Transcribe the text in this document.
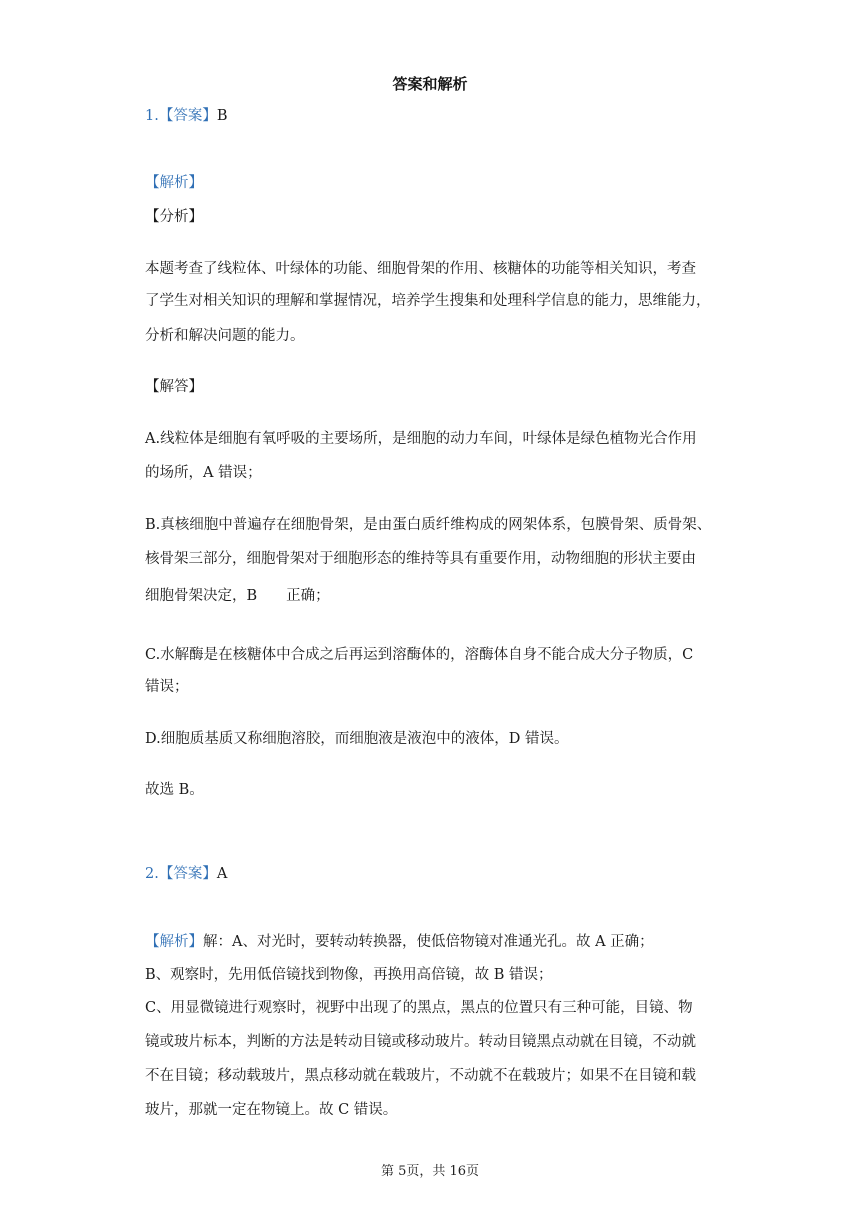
答案和解析
1.【答案】B
【解析】
【分析】
本题考查了线粒体、叶绿体的功能、细胞骨架的作用、核糖体的功能等相关知识，考查
了学生对相关知识的理解和掌握情况，培养学生搜集和处理科学信息的能力，思维能力，
分析和解决问题的能力。
【解答】
A.线粒体是细胞有氧呼吸的主要场所，是细胞的动力车间，叶绿体是绿色植物光合作用
的场所，A 错误；
B.真核细胞中普遍存在细胞骨架，是由蛋白质纤维构成的网架体系，包膜骨架、质骨架、
核骨架三部分，细胞骨架对于细胞形态的维持等具有重要作用，动物细胞的形状主要由
细胞骨架决定，B　　正确；
C.水解酶是在核糖体中合成之后再运到溶酶体的，溶酶体自身不能合成大分子物质，C
错误；
D.细胞质基质又称细胞溶胶，而细胞液是液泡中的液体，D 错误。
故选 B。
2.【答案】A
【解析】解：A、对光时，要转动转换器，使低倍物镜对准通光孔。故 A 正确；
B、观察时，先用低倍镜找到物像，再换用高倍镜，故 B 错误；
C、用显微镜进行观察时，视野中出现了的黑点，黑点的位置只有三种可能，目镜、物
镜或玻片标本，判断的方法是转动目镜或移动玻片。转动目镜黑点动就在目镜，不动就
不在目镜；移动载玻片，黑点移动就在载玻片，不动就不在载玻片；如果不在目镜和载
玻片，那就一定在物镜上。故 C 错误。
第 5页，共 16页
